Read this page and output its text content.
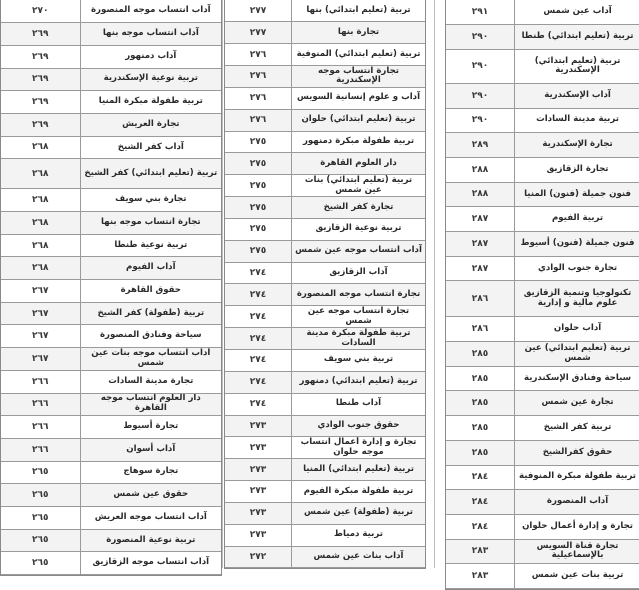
٢٧٠	آداب انتساب موجه المنصورة
٢٦٩	آداب انتساب موجه بنها
٢٦٩	آداب دمنهور
٢٦٩	تربية نوعية الإسكندرية
٢٦٩	تربية طفولة مبكرة المنيا
٢٦٩	تجارة العريش
٢٦٨	آداب كفر الشيخ
٢٦٨	تربية (تعليم ابتدائي) كفر الشيخ
٢٦٨	تجارة بني سويف
٢٦٨	تجارة انتساب موجه بنها
٢٦٨	تربية نوعية طنطا
٢٦٨	آداب الفيوم
٢٦٧	حقوق القاهرة
٢٦٧	تربية (طفولة) كفر الشيخ
٢٦٧	سياحة وفنادق المنصورة
٢٦٧	آداب انتساب موجه بنات عين شمس
٢٦٦	تجارة مدينة السادات
٢٦٦	دار العلوم انتساب موجه القاهرة
٢٦٦	تجارة أسيوط
٢٦٦	آداب أسوان
٢٦٥	تجارة سوهاج
٢٦٥	حقوق عين شمس
٢٦٥	آداب انتساب موجه العريش
٢٦٥	تربية نوعية المنصورة
٢٦٥	آداب انتساب موجه الزقازيق
٢٧٧	تربية (تعليم ابتدائي) بنها
٢٧٧	تجارة بنها
٢٧٦	تربية (تعليم ابتدائي) المنوفية
٢٧٦	تجارة انتساب موجه الإسكندرية
٢٧٦	آداب و علوم إنسانية السويس
٢٧٦	تربية (تعليم ابتدائي) حلوان
٢٧٥	تربية طفولة مبكرة دمنهور
٢٧٥	دار العلوم القاهرة
٢٧٥	تربية (تعليم ابتدائي) بنات عين شمس
٢٧٥	تجارة كفر الشيخ
٢٧٥	تربية نوعية الزقازيق
٢٧٥	آداب انتساب موجه عين شمس
٢٧٤	آداب الزقازيق
٢٧٤	تجارة انتساب موجه المنصورة
٢٧٤	تجارة انتساب موجه عين شمس
٢٧٤	تربية طفولة مبكرة مدينة السادات
٢٧٤	تربية بني سويف
٢٧٤	تربية (تعليم ابتدائي) دمنهور
٢٧٤	آداب طنطا
٢٧٣	حقوق جنوب الوادي
٢٧٣	تجارة و إدارة أعمال انتساب موجه حلوان
٢٧٣	تربية (تعليم ابتدائي) المنيا
٢٧٣	تربية طفولة مبكرة الفيوم
٢٧٣	تربية (طفولة) عين شمس
٢٧٣	تربية دمياط
٢٧٢	آداب بنات عين شمس
٢٩١	آداب عين شمس
٢٩٠	تربية (تعليم ابتدائي) طنطا
٢٩٠	تربية (تعليم ابتدائي) الإسكندرية
٢٩٠	آداب الإسكندرية
٢٩٠	تربية مدينة السادات
٢٨٩	تجارة الإسكندرية
٢٨٨	تجارة الزقازيق
٢٨٨	فنون جميلة (فنون) المنيا
٢٨٧	تربية الفيوم
٢٨٧	فنون جميلة (فنون) أسيوط
٢٨٧	تجارة جنوب الوادي
٢٨٦	تكنولوجيا وتنمية الزقازيق علوم مالية و إدارية
٢٨٦	آداب حلوان
٢٨٥	تربية (تعليم ابتدائي) عين شمس
٢٨٥	سياحة وفنادق الإسكندرية
٢٨٥	تجارة عين شمس
٢٨٥	تربية كفر الشيخ
٢٨٥	حقوق كفرالشيخ
٢٨٤	تربية طفولة مبكرة المنوفية
٢٨٤	آداب المنصورة
٢٨٤	تجارة و إدارة أعمال حلوان
٢٨٣	تجارة قناة السويس بالإسماعيلية
٢٨٣	تربية بنات عين شمس
